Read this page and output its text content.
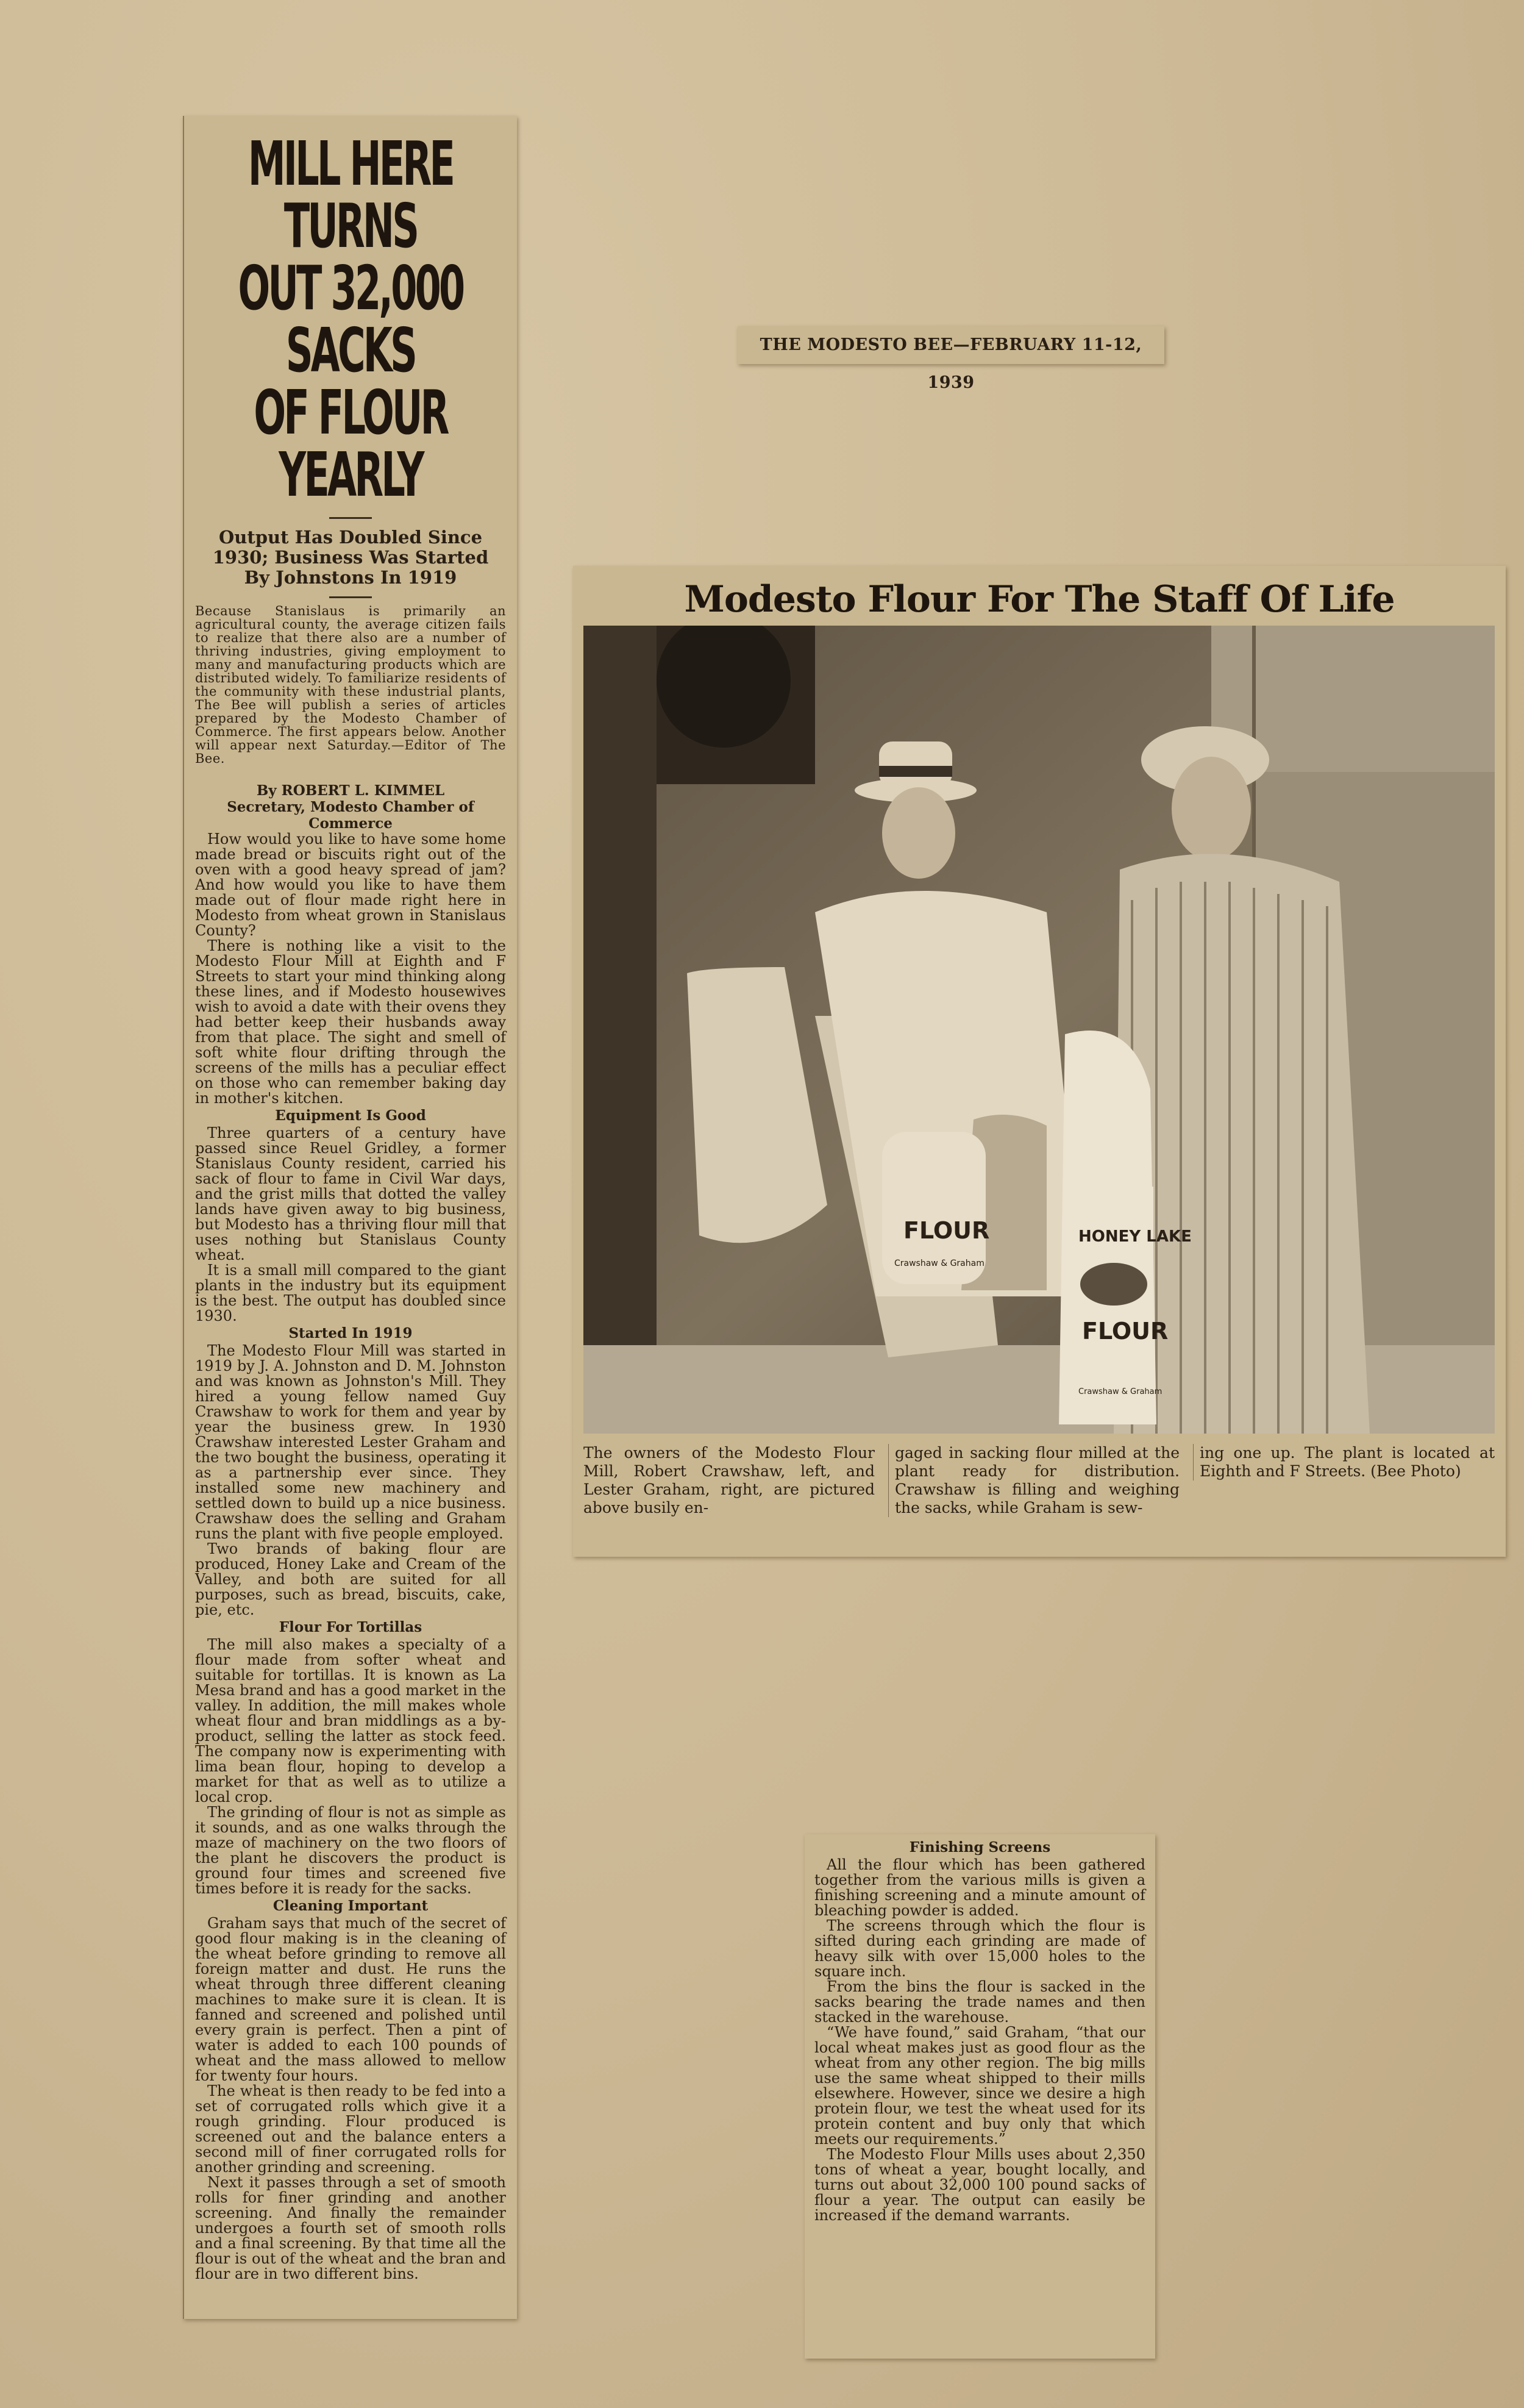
MILL HERE TURNS
OUT 32,000 SACKS
OF FLOUR YEARLY
Output Has Doubled Since 1930; Business Was Started By Johnstons In 1919
Because Stanislaus is primarily an agricultural county, the average citizen fails to realize that there also are a number of thriving industries, giving employment to many and manufacturing products which are distributed widely. To familiarize residents of the community with these industrial plants, The Bee will publish a series of articles prepared by the Modesto Chamber of Commerce. The first appears below. Another will appear next Saturday.—Editor of The Bee.
By ROBERT L. KIMMEL
Secretary, Modesto Chamber of Commerce

How would you like to have some home made bread or biscuits right out of the oven with a good heavy spread of jam? And how would you like to have them made out of flour made right here in Modesto from wheat grown in Stanislaus County?

There is nothing like a visit to the Modesto Flour Mill at Eighth and F Streets to start your mind thinking along these lines, and if Modesto housewives wish to avoid a date with their ovens they had better keep their husbands away from that place. The sight and smell of soft white flour drifting through the screens of the mills has a peculiar effect on those who can remember baking day in mother's kitchen.

Equipment Is Good

Three quarters of a century have passed since Reuel Gridley, a former Stanislaus County resident, carried his sack of flour to fame in Civil War days, and the grist mills that dotted the valley lands have given away to big business, but Modesto has a thriving flour mill that uses nothing but Stanislaus County wheat.

It is a small mill compared to the giant plants in the industry but its equipment is the best. The output has doubled since 1930.

Started In 1919

The Modesto Flour Mill was started in 1919 by J. A. Johnston and D. M. Johnston and was known as Johnston's Mill. They hired a young fellow named Guy Crawshaw to work for them and year by year the business grew. In 1930 Crawshaw interested Lester Graham and the two bought the business, operating it as a partnership ever since. They installed some new machinery and settled down to build up a nice business. Crawshaw does the selling and Graham runs the plant with five people employed.

Two brands of baking flour are produced, Honey Lake and Cream of the Valley, and both are suited for all purposes, such as bread, biscuits, cake, pie, etc.

Flour For Tortillas

The mill also makes a specialty of a flour made from softer wheat and suitable for tortillas. It is known as La Mesa brand and has a good market in the valley. In addition, the mill makes whole wheat flour and bran middlings as a by-product, selling the latter as stock feed. The company now is experimenting with lima bean flour, hoping to develop a market for that as well as to utilize a local crop.

The grinding of flour is not as simple as it sounds, and as one walks through the maze of machinery on the two floors of the plant he discovers the product is ground four times and screened five times before it is ready for the sacks.

Cleaning Important

Graham says that much of the secret of good flour making is in the cleaning of the wheat before grinding to remove all foreign matter and dust. He runs the wheat through three different cleaning machines to make sure it is clean. It is fanned and screened and polished until every grain is perfect. Then a pint of water is added to each 100 pounds of wheat and the mass allowed to mellow for twenty four hours.

The wheat is then ready to be fed into a set of corrugated rolls which give it a rough grinding. Flour produced is screened out and the balance enters a second mill of finer corrugated rolls for another grinding and screening.

Next it passes through a set of smooth rolls for finer grinding and another screening. And finally the remainder undergoes a fourth set of smooth rolls and a final screening. By that time all the flour is out of the wheat and the bran and flour are in two different bins.

THE MODESTO BEE—FEBRUARY 11-12, 1939
Modesto Flour For The Staff Of Life
FLOUR
Crawshaw & Graham
HONEY LAKE
FLOUR
Crawshaw & Graham
The owners of the Modesto Flour Mill, Robert Crawshaw, left, and Lester Graham, right, are pictured above busily en-
gaged in sacking flour milled at the plant ready for distribution. Crawshaw is filling and weighing the sacks, while Graham is sew-
ing one up. The plant is located at Eighth and F Streets. (Bee Photo)
Finishing Screens

All the flour which has been gathered together from the various mills is given a finishing screening and a minute amount of bleaching powder is added.

The screens through which the flour is sifted during each grinding are made of heavy silk with over 15,000 holes to the square inch.

From the bins the flour is sacked in the sacks bearing the trade names and then stacked in the warehouse.

“We have found,” said Graham, “that our local wheat makes just as good flour as the wheat from any other region. The big mills use the same wheat shipped to their mills elsewhere. However, since we desire a high protein flour, we test the wheat used for its protein content and buy only that which meets our requirements.”

The Modesto Flour Mills uses about 2,350 tons of wheat a year, bought locally, and turns out about 32,000 100 pound sacks of flour a year. The output can easily be increased if the demand warrants.
